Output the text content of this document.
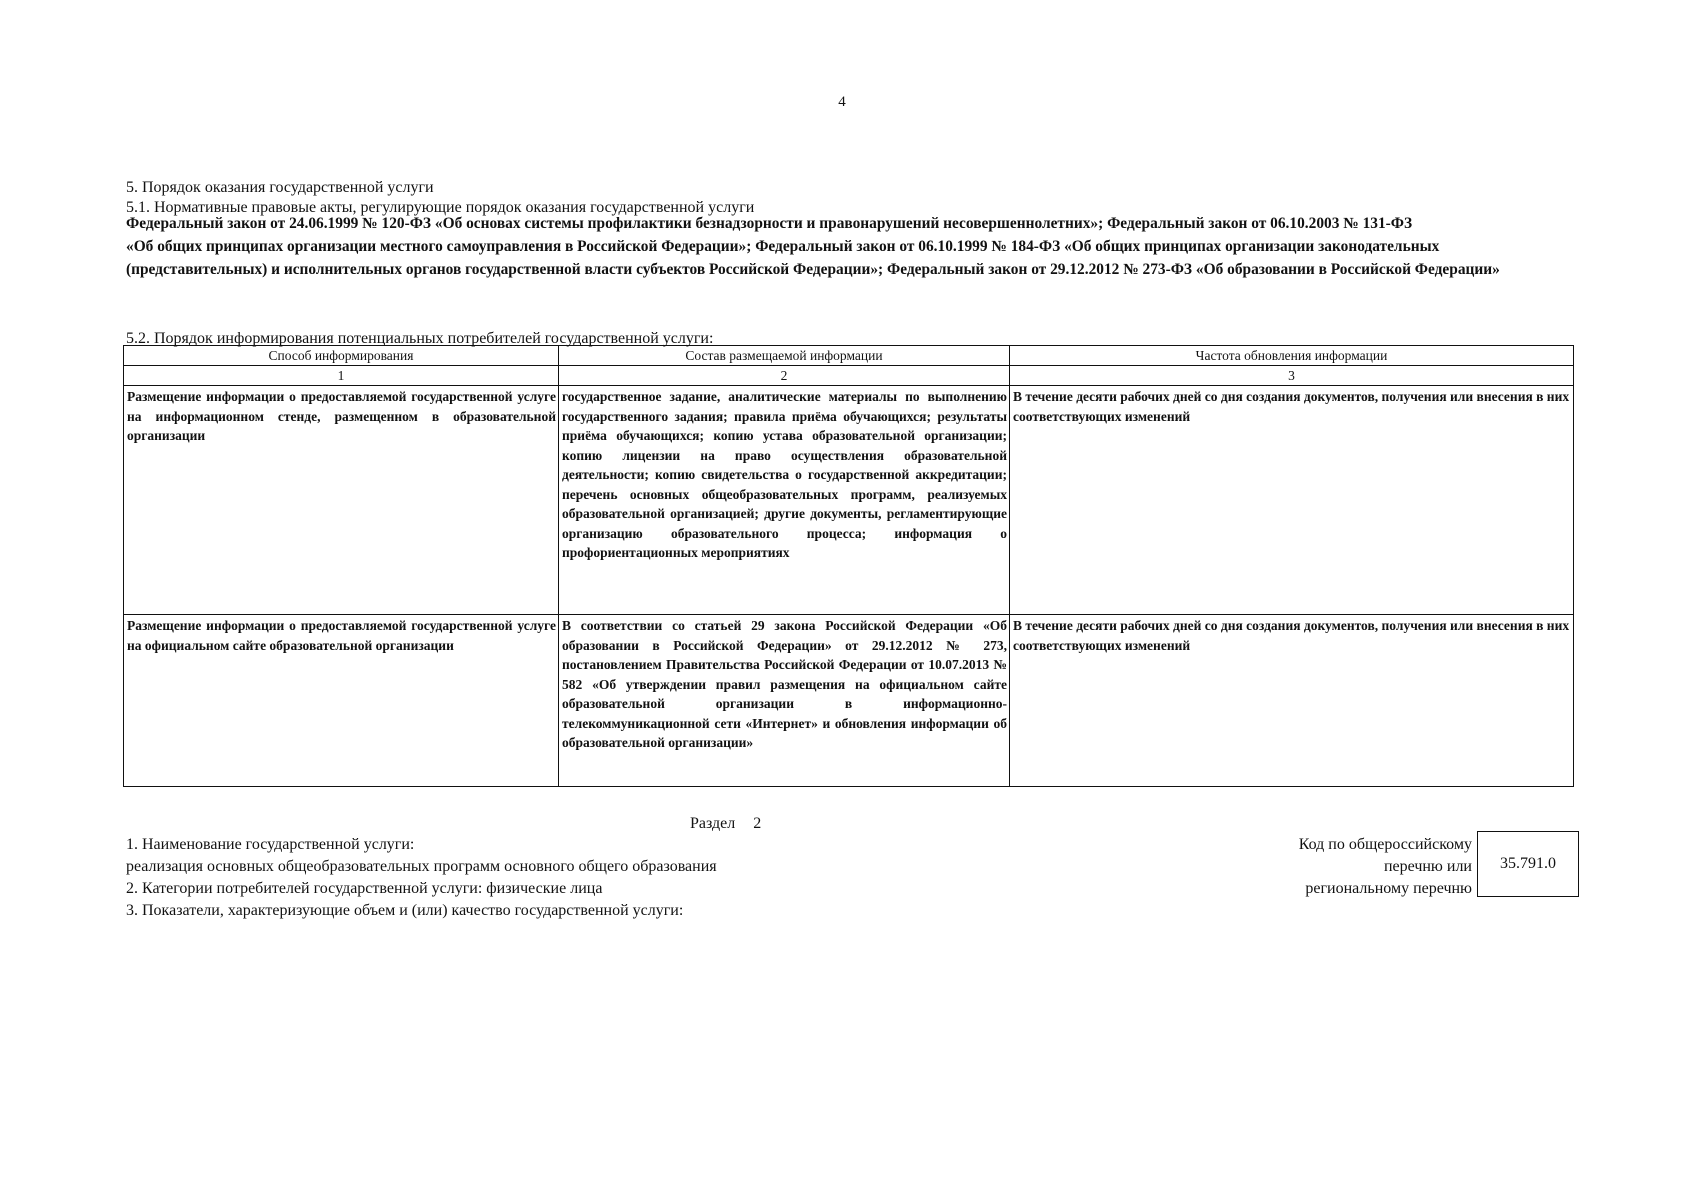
4
5. Порядок оказания государственной услуги
5.1. Нормативные правовые акты, регулирующие порядок оказания государственной услуги
Федеральный закон от 24.06.1999 № 120-ФЗ «Об основах системы профилактики безнадзорности и правонарушений несовершеннолетних»; Федеральный закон от 06.10.2003 № 131-ФЗ
«Об общих принципах организации местного самоуправления в Российской Федерации»; Федеральный закон от 06.10.1999 № 184-ФЗ «Об общих принципах организации законодательных
(представительных) и исполнительных органов государственной власти субъектов Российской Федерации»; Федеральный закон от 29.12.2012 № 273-ФЗ «Об образовании в Российской Федерации»
5.2. Порядок информирования потенциальных потребителей государственной услуги:
Способ информирования	Состав размещаемой информации	Частота обновления информации
1	2	3
Размещение информации о предоставляемой государственной услуге на информационном стенде, размещенном в образовательной организации	государственное задание, аналитические материалы по выполнению государственного задания; правила приёма обучающихся; результаты приёма обучающихся; копию устава образовательной организации; копию лицензии на право осуществления образовательной деятельности; копию свидетельства о государственной аккредитации; перечень основных общеобразовательных программ, реализуемых образовательной организацией; другие документы, регламентирующие организацию образовательного процесса; информация о профориентационных мероприятиях	В течение десяти рабочих дней со дня создания документов, получения или внесения в них соответствующих изменений
Размещение информации о предоставляемой государственной услуге на официальном сайте образовательной организации	В соответствии со статьей 29 закона Российской Федерации «Об образовании в Российской Федерации» от 29.12.2012 № 273, постановлением Правительства Российской Федерации от 10.07.2013 № 582 «Об утверждении правил размещения на официальном сайте образовательной организации в информационно-телекоммуникационной сети «Интернет» и обновления информации об образовательной организации»	В течение десяти рабочих дней со дня создания документов, получения или внесения в них соответствующих изменений
Раздел 2
1. Наименование государственной услуги:
реализация основных общеобразовательных программ основного общего образования
2. Категории потребителей государственной услуги: физические лица
3. Показатели, характеризующие объем и (или) качество государственной услуги:
Код по общероссийскому
перечню или
региональному перечню
35.791.0
